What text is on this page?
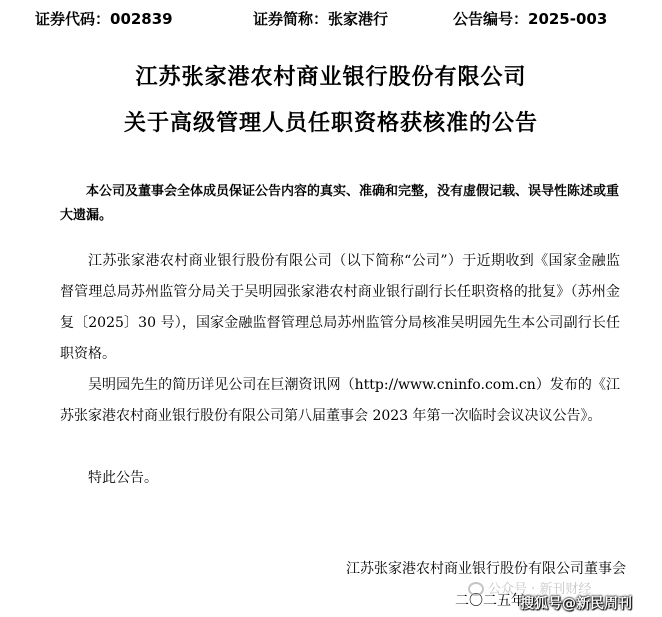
证券代码：002839	证券简称：张家港行	公告编号：2025-003
江苏张家港农村商业银行股份有限公司
关于高级管理人员任职资格获核准的公告
本公司及董事会全体成员保证公告内容的真实、准确和完整，没有虚假记载、误导性陈述或重大遗漏。
江苏张家港农村商业银行股份有限公司（以下简称“公司”）于近期收到《国家金融监督管理总局苏州监管分局关于吴明园张家港农村商业银行副行长任职资格的批复》（苏州金复〔2025〕30 号），国家金融监督管理总局苏州监管分局核准吴明园先生本公司副行长任职资格。
吴明园先生的简历详见公司在巨潮资讯网（http://www.cninfo.com.cn）发布的《江苏张家港农村商业银行股份有限公司第八届董事会 2023 年第一次临时会议决议公告》。
特此公告。
江苏张家港农村商业银行股份有限公司董事会
二〇二五年
公众号 · 新刊财经
搜狐号@新民周刊
